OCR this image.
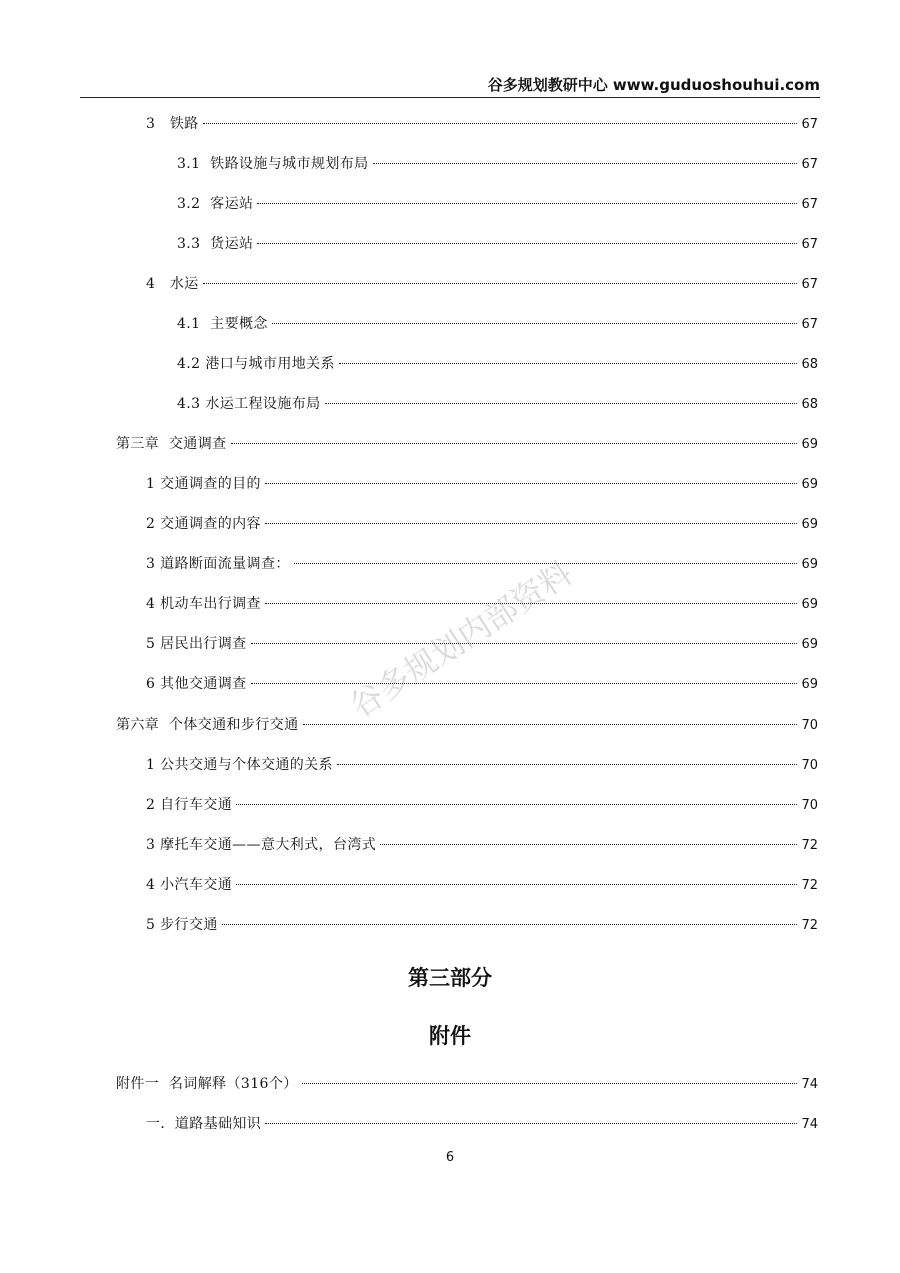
谷多规划教研中心 www.guduoshouhui.com
3   铁路	67
3.1  铁路设施与城市规划布局	67
3.2  客运站	67
3.3  货运站	67
4   水运	67
4.1  主要概念	67
4.2 港口与城市用地关系	68
4.3 水运工程设施布局	68
第三章  交通调查	69
1 交通调查的目的	69
2 交通调查的内容	69
3 道路断面流量调查：	69
4 机动车出行调查	69
5 居民出行调查	69
6 其他交通调查	69
第六章  个体交通和步行交通	70
1 公共交通与个体交通的关系	70
2 自行车交通	70
3 摩托车交通——意大利式，台湾式	72
4 小汽车交通	72
5 步行交通	72
第三部分
附件
附件一  名词解释（316个）	74
一．道路基础知识	74
6
谷多规划内部资料
